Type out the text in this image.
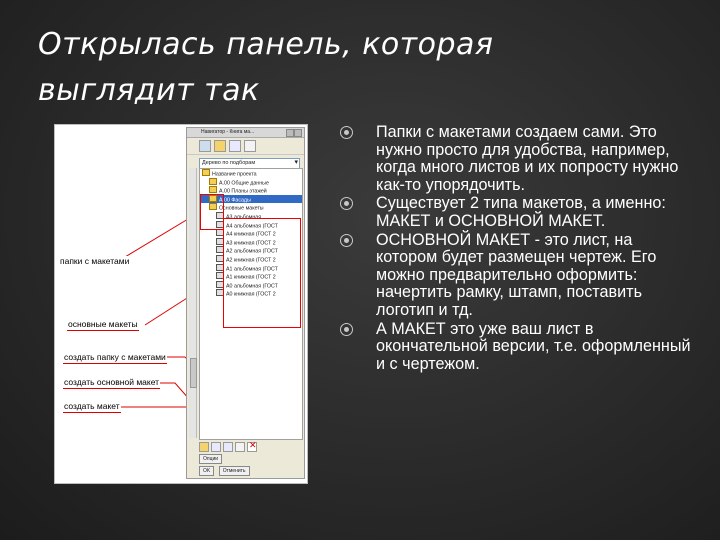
Открылась панель, которая
выглядит так
папки с макетами
основные макеты
создать папку с макетами
создать основной макет
создать макет
Навигатор - Книга ма...
Дерево по подборам ▾
Название проекта
A.00 Общие данные
A.00 Планы этажей
A.00 Фасады
Основные макеты
A3 альбомная
A4 альбомная (ГОСТ
A4 книжная (ГОСТ 2
A3 книжная (ГОСТ 2
A2 альбомная (ГОСТ
A2 книжная (ГОСТ 2
A1 альбомная (ГОСТ
A1 книжная (ГОСТ 2
A0 альбомная (ГОСТ
A0 книжная (ГОСТ 2
✕
Опции
OK Отменить
Папки с макетами создаем сами. Это нужно просто для удобства, например, когда много листов и их попросту нужно как-то упорядочить.
Существует 2 типа макетов, а именно: МАКЕТ и ОСНОВНОЙ МАКЕТ.
ОСНОВНОЙ МАКЕТ - это лист, на котором будет размещен чертеж. Его можно предварительно оформить: начертить рамку, штамп, поставить логотип и тд.
А МАКЕТ это уже ваш лист в окончательной версии, т.е. оформленный и с чертежом.
